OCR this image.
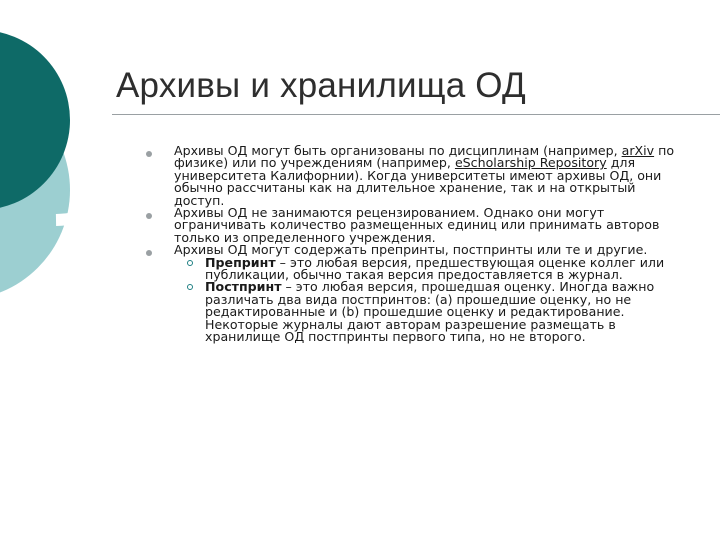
Архивы и хранилища ОД
Архивы ОД могут быть организованы по дисциплинам (например, arXiv по физике) или по учреждениям (например, eScholarship Repository для университета Калифорнии). Когда университеты имеют архивы ОД, они обычно рассчитаны как на длительное хранение, так и на открытый доступ.
Архивы ОД не занимаются рецензированием. Однако они могут ограничивать количество размещенных единиц или принимать авторов только из определенного учреждения.
Архивы ОД могут содержать препринты, постпринты или те и другие.
Препринт – это любая версия, предшествующая оценке коллег или публикации, обычно такая версия предоставляется в журнал.
Постпринт – это любая версия, прошедшая оценку. Иногда важно различать два вида постпринтов: (a) прошедшие оценку, но не редактированные и (b) прошедшие оценку и редактирование. Некоторые журналы дают авторам разрешение размещать в хранилище ОД постпринты первого типа, но не второго.
